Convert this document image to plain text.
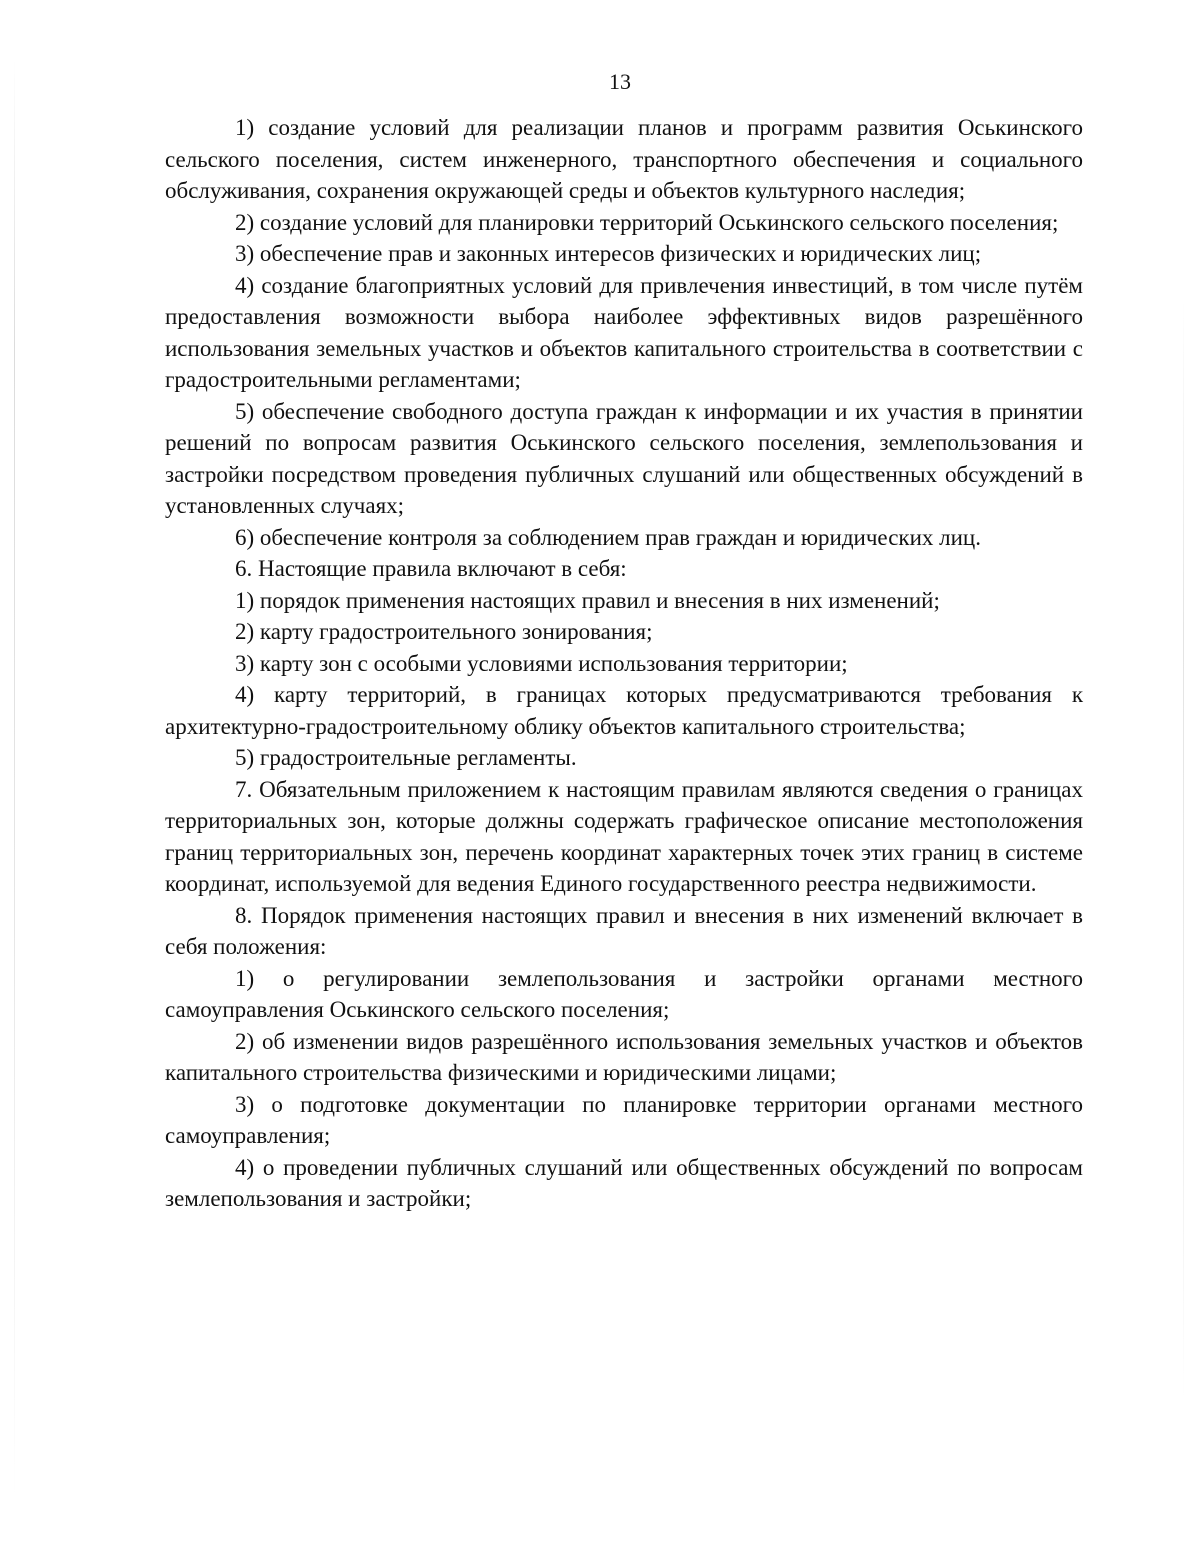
13

1) создание условий для реализации планов и программ развития Оськинского сельского поселения, систем инженерного, транспортного обеспечения и социального обслуживания, сохранения окружающей среды и объектов культурного наследия;

2) создание условий для планировки территорий Оськинского сельского поселения;

3) обеспечение прав и законных интересов физических и юридических лиц;

4) создание благоприятных условий для привлечения инвестиций, в том числе путём предоставления возможности выбора наиболее эффективных видов разрешённого использования земельных участков и объектов капитального строительства в соответствии с градостроительными регламентами;

5) обеспечение свободного доступа граждан к информации и их участия в принятии решений по вопросам развития Оськинского сельского поселения, землепользования и застройки посредством проведения публичных слушаний или общественных обсуждений в установленных случаях;

6) обеспечение контроля за соблюдением прав граждан и юридических лиц.

6. Настоящие правила включают в себя:

1) порядок применения настоящих правил и внесения в них изменений;

2) карту градостроительного зонирования;

3) карту зон с особыми условиями использования территории;

4) карту территорий, в границах которых предусматриваются требования к архитектурно-градостроительному облику объектов капитального строительства;

5) градостроительные регламенты.

7. Обязательным приложением к настоящим правилам являются сведения о границах территориальных зон, которые должны содержать графическое описание местоположения границ территориальных зон, перечень координат характерных точек этих границ в системе координат, используемой для ведения Единого государственного реестра недвижимости.

8. Порядок применения настоящих правил и внесения в них изменений включает в себя положения:

1) о регулировании землепользования и застройки органами местного самоуправления Оськинского сельского поселения;

2) об изменении видов разрешённого использования земельных участков и объектов капитального строительства физическими и юридическими лицами;

3) о подготовке документации по планировке территории органами местного самоуправления;

4) о проведении публичных слушаний или общественных обсуждений по вопросам землепользования и застройки;
